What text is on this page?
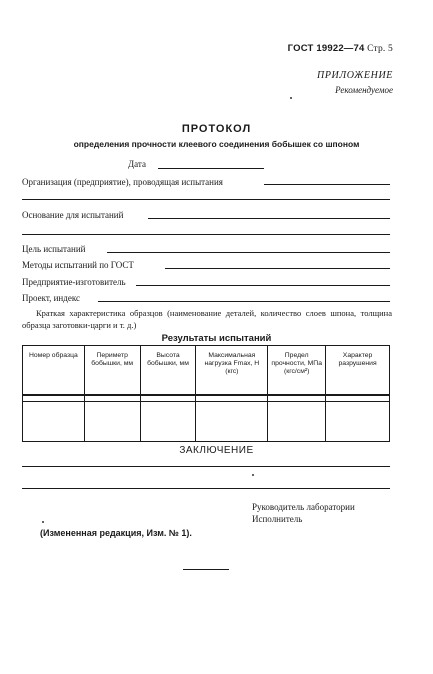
ГОСТ 19922—74 Стр. 5
ПРИЛОЖЕНИЕ
Рекомендуемое
ПРОТОКОЛ
определения прочности клеевого соединения бобышек со шпоном
Дата
Организация (предприятие), проводящая испытания
Основание для испытаний
Цель испытаний
Методы испытаний по ГОСТ
Предприятие-изготовитель
Проект, индекс

Краткая характеристика образцов (наименование деталей, количество слоев шпона, толщина образца заготовки-царги и т. д.)

Результаты испытаний
Номер образца	Периметр бобышки, мм	Высота бобышки, мм	Максимальная нагрузка Fmax, Н (кгс)	Предел прочности, МПа (кгс/см²)	Характер разрушения

ЗАКЛЮЧЕНИЕ
Руководитель лаборатории
Исполнитель
(Измененная редакция, Изм. № 1).
